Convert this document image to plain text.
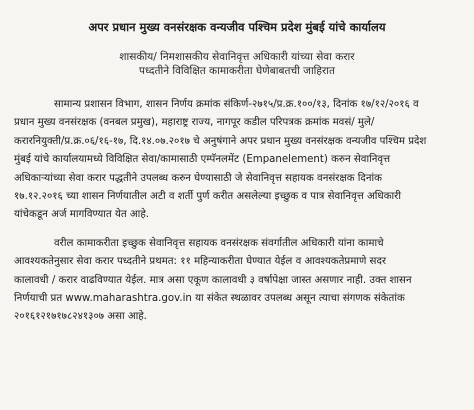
अपर प्रधान मुख्य वनसंरक्षक वन्यजीव पश्चिम प्रदेश मुंबई यांचे कार्यालय
शासकीय/ निमशासकीय सेवानिवृत्त अधिकारी यांच्या सेवा करार
पध्दतीने विविक्षित कामाकरीता घेणेबाबतची जाहिरात
सामान्य प्रशासन विभाग, शासन निर्णय क्रमांक संकिर्ण-२७१५/प्र.क्र.१००/१३, दिनांक १७/१२/२०१६ व
प्रधान मुख्य वनसंरक्षक (वनबल प्रमुख), महाराष्ट्र राज्य, नागपूर कडील परिपत्रक क्रमांक मवसं/ मुले/
करारनियुक्ती/प्र.क्र.०६/१६-१७, दि.१४.०७.२०१७ चे अनुषंगाने अपर प्रधान मुख्य वनसंरक्षक वन्यजीव पश्चिम प्रदेश
मुंबई यांचे कार्यालयामध्ये विविक्षित सेवा/कामासाठी एम्पॅनलमेंट (Empanelement) करुन सेवानिवृत्त
अधिकाऱ्यांच्या सेवा करार पद्धतीने उपलब्ध करुन घेण्यासाठी जे सेवानिवृत्त सहायक वनसंरक्षक दिनांक
१७.१२.२०१६ च्या शासन निर्णयातील अटी व शर्ती पुर्ण करीत असलेल्या इच्छुक व पात्र सेवानिवृत्त अधिकारी
यांचेकडून अर्ज मागविण्यात येत आहे.
वरील कामाकरीता इच्छुक सेवानिवृत्त सहायक वनसंरक्षक संवर्गातील अधिकारी यांना कामाचे
आवश्यकतेनुसार सेवा करार पध्दतीने प्रथमत: ११ महिन्याकरीता घेण्यात येईल व आवश्यकतेप्रमाणे सदर
कालावधी / करार वाढविण्यात येईल. मात्र असा एकूण कालावधी ३ वर्षापेक्षा जास्त असणार नाही. उक्त शासन
निर्णयाची प्रत www.maharashtra.gov.in या संकेत स्थळावर उपलब्ध असून त्याचा संगणक संकेतांक
२०१६१२१७१७८२४१३०७ असा आहे.
